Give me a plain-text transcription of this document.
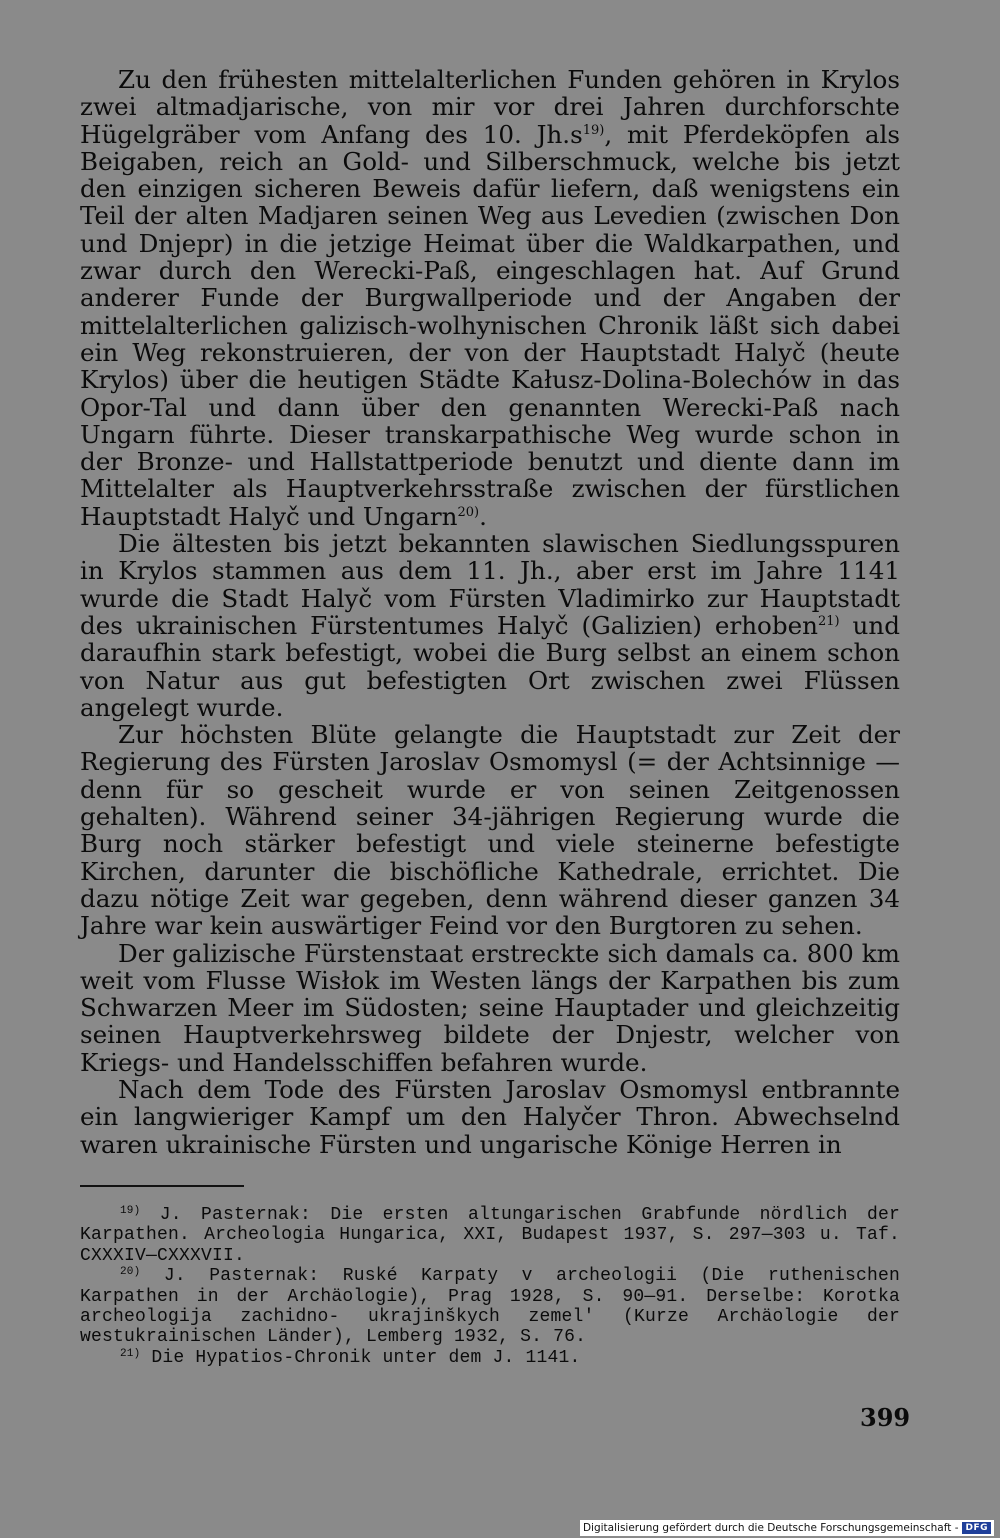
Zu den frühesten mittelalterlichen Funden gehören in Krylos zwei altmadjarische, von mir vor drei Jahren durchforschte Hügelgräber vom Anfang des 10. $Jh.s^{19)}$, mit Pferdeköpfen als Beigaben, reich an Gold- und Silberschmuck, welche bis jetzt den einzigen sicheren Beweis dafür liefern, daß wenigstens ein Teil der alten Madjaren seinen Weg aus Levedien (zwischen Don und Dnjepr) in die jetzige Heimat über die Waldkarpathen, und zwar durch den Werecki-Paß, eingeschlagen hat. Auf Grund anderer Funde der Burgwallperiode und der Angaben der mittelalterlichen galizisch-wolhynischen Chronik läßt sich dabei ein Weg rekonstruieren, der von der Hauptstadt Halyč (heute Krylos) über die heutigen Städte Kałusz-Dolina-Bolechów in das Opor-Tal und dann über den genannten Werecki-Paß nach Ungarn führte. Dieser transkarpathische Weg wurde schon in der Bronze- und Hallstattperiode benutzt und diente dann im Mittelalter als Hauptverkehrsstraße zwischen der fürstlichen Hauptstadt Halyč und Ungarn$^{20)}$.

Die ältesten bis jetzt bekannten slawischen Siedlungsspuren in Krylos stammen aus dem 11. Jh., aber erst im Jahre 1141 wurde die Stadt Halyč vom Fürsten Vladimirko zur Hauptstadt des ukrainischen Fürstentumes Halyč (Galizien) erhoben$^{21)}$ und daraufhin stark befestigt, wobei die Burg selbst an einem schon von Natur aus gut befestigten Ort zwischen zwei Flüssen angelegt wurde.

Zur höchsten Blüte gelangte die Hauptstadt zur Zeit der Regierung des Fürsten Jaroslav Osmomysl (= der Achtsinnige — denn für so gescheit wurde er von seinen Zeitgenossen gehalten). Während seiner 34-jährigen Regierung wurde die Burg noch stärker befestigt und viele steinerne befestigte Kirchen, darunter die bischöfliche Kathedrale, errichtet. Die dazu nötige Zeit war gegeben, denn während dieser ganzen 34 Jahre war kein auswärtiger Feind vor den Burgtoren zu sehen.

Der galizische Fürstenstaat erstreckte sich damals ca. 800 km weit vom Flusse Wisłok im Westen längs der Karpathen bis zum Schwarzen Meer im Südosten; seine Hauptader und gleichzeitig seinen Hauptverkehrsweg bildete der Dnjestr, welcher von Kriegs- und Handelsschiffen befahren wurde.

Nach dem Tode des Fürsten Jaroslav Osmomysl entbrannte ein langwieriger Kampf um den Halyčer Thron. Abwechselnd waren ukrainische Fürsten und ungarische Könige Herren in

$^{19)}$ J. Pasternak: Die ersten altungarischen Grabfunde nördlich der Karpathen. Archeologia Hungarica, XXI, Budapest 1937, S. 297—303 u. Taf. CXXXIV—CXXXVII.

$^{20)}$ J. Pasternak: Ruské Karpaty v archeologii (Die ruthenischen Karpathen in der Archäologie), Prag 1928, S. 90—91. Derselbe: Korotka archeologija zachidno- ukrajinškych zemel' (Kurze Archäologie der westukrainischen Länder), Lemberg 1932, S. 76.

$^{21)}$ Die Hypatios-Chronik unter dem J. 1141.

399
Digitalisierung gefördert durch die Deutsche Forschungsgemeinschaft - DFG
